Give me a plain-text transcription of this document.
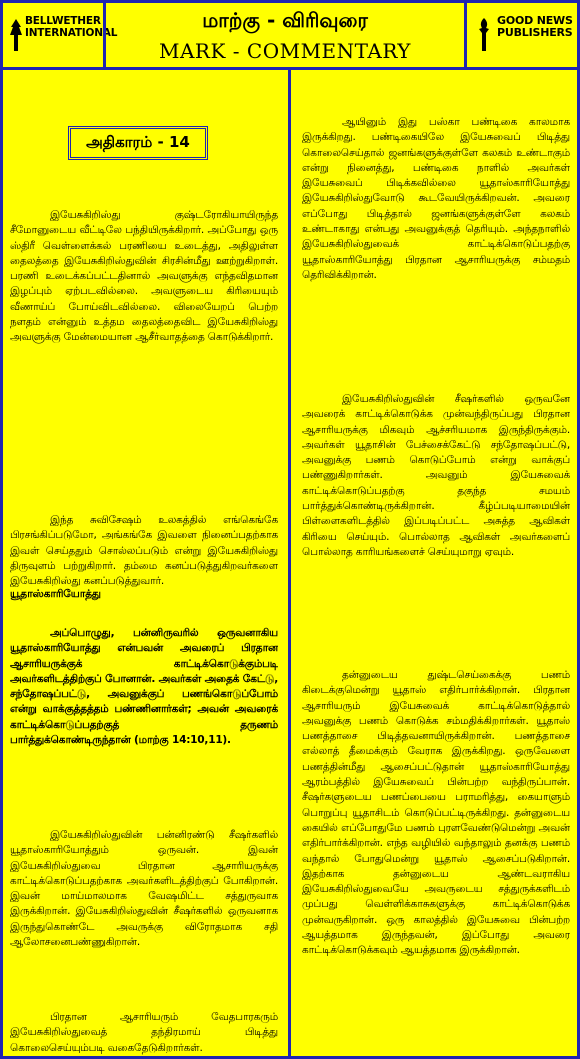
BELLWETHER
INTERNATIONAL
மாற்கு - விரிவுரை
MARK - COMMENTARY
GOOD NEWS
PUBLISHERS
அதிகாரம் - 14
இயேசுகிறிஸ்து குஷ்டரோகியாயிருந்த சீமோனுடைய வீட்டிலே பந்தியிருக்கிறார். அப்போது ஒரு ஸ்திரீ வெள்ளைக்கல் பரணியை உடைத்து, அதிலுள்ள தைலத்தை இயேசுகிறிஸ்துவின் சிரசின்மீது ஊற்றுகிறாள். பரணி உடைக்கப்பட்டதினால் அவளுக்கு எந்தவிதமான இழப்பும் ஏற்படவில்லை. அவளுடைய கிரியையும் வீணாய்ப் போய்விடவில்லை. விலையேறப் பெற்ற நளதம் என்னும் உத்தம தைலத்தைவிட இயேசுகிறிஸ்து அவளுக்கு மேன்மையான ஆசீர்வாதத்தை கொடுக்கிறார்.
இந்த சுவிசேஷம் உலகத்தில் எங்கெங்கே பிரசங்கிப்படுமோ, அங்கங்கே இவளை நினைப்பதற்காக இவள் செய்ததும் சொல்லப்படும் என்று இயேசுகிறிஸ்து திருவுளம் பற்றுகிறார். தம்மை கனப்படுத்துகிறவர்களை இயேசுகிறிஸ்து கனப்படுத்துவார்.
யூதாஸ்காரியோத்து
அப்பொழுது, பன்னிருவரில் ஒருவனாகிய யூதாஸ்காரியோத்து என்பவன் அவரைப் பிரதான ஆசாரியருக்குக் காட்டிக்கொடுக்கும்படி அவர்களிடத்திற்குப் போனான். அவர்கள் அதைக் கேட்டு, சந்தோஷப்பட்டு, அவனுக்குப் பணங்கொடுப்போம் என்று வாக்குத்தத்தம் பண்ணினார்கள்; அவன் அவரைக் காட்டிக்கொடுப்பதற்குத் தருணம் பார்த்துக்கொண்டிருந்தான் (மாற்கு 14:10,11).
இயேசுகிறிஸ்துவின் பன்னிரண்டு சீஷர்களில் யூதாஸ்காரியோத்தும் ஒருவன். இவன் இயேசுகிறிஸ்துவை பிரதான ஆசாரியருக்கு காட்டிக்கொடுப்பதற்காக அவர்களிடத்திற்குப் போகிறான். இவன் மாய்மாலமாக வேஷமிட்ட சத்துருவாக இருக்கிறான். இயேசுகிறிஸ்துவின் சீஷர்களில் ஒருவனாக இருந்துகொண்டே அவருக்கு விரோதமாக சதி ஆலோசனைபண்ணுகிறான்.
பிரதான ஆசாரியரும் வேதபாரகரும் இயேசுகிறிஸ்துவைத் தந்திரமாய் பிடித்து கொலைசெய்யும்படி வகைதேடுகிறார்கள்.
ஆயினும் இது பஸ்கா பண்டிகை காலமாக இருக்கிறது. பண்டிகையிலே இயேசுவைப் பிடித்து கொலைசெய்தால் ஜனங்களுக்குள்ளே கலகம் உண்டாகும் என்று நினைத்து, பண்டிகை நாளில் அவர்கள் இயேசுவைப் பிடிக்கவில்லை யூதாஸ்காரியோத்து இயேசுகிறிஸ்துவோடு கூடவேயிருக்கிறவன். அவரை எப்போது பிடித்தால் ஜனங்களுக்குள்ளே கலகம் உண்டாகாது என்பது அவனுக்குத் தெரியும். அந்தநாளில் இயேசுகிறிஸ்துவைக் காட்டிக்கொடுப்பதற்கு யூதாஸ்காரியோத்து பிரதான ஆசாரியருக்கு சம்மதம் தெரிவிக்கிறான்.
இயேசுகிறிஸ்துவின் சீஷர்களில் ஒருவனே அவரைக் காட்டிக்கொடுக்க முன்வந்திருப்பது பிரதான ஆசாரியருக்கு மிகவும் ஆச்சரியமாக இருந்திருக்கும். அவர்கள் யூதாசின் பேச்சைக்கேட்டு சந்தோஷப்பட்டு, அவனுக்கு பணம் கொடுப்போம் என்று வாக்குப் பண்ணுகிறார்கள். அவனும் இயேசுவைக் காட்டிக்கொடுப்பதற்கு தகுந்த சமயம் பார்த்துக்கொண்டிருக்கிறான். கீழ்ப்படியாமையின் பிள்ளைகளிடத்தில் இப்படிப்பட்ட அசுத்த ஆவிகள் கிரியை செய்யும். பொல்லாத ஆவிகள் அவர்களைப் பொல்லாத காரியங்களைச் செய்யுமாறு ஏவும்.
தன்னுடைய துஷ்டசெய்கைக்கு பணம் கிடைக்குமென்று யூதாஸ் எதிர்பார்க்கிறான். பிரதான ஆசாரியரும் இயேசுவைக் காட்டிக்கொடுத்தால் அவனுக்கு பணம் கொடுக்க சம்மதிக்கிறார்கள். யூதாஸ் பணத்தாசை பிடித்தவனாயிருக்கிறான். பணத்தாசை எல்லாத் தீமைக்கும் வேராக இருக்கிறது. ஒருவேளை பணத்தின்மீது ஆசைப்பட்டுதான் யூதாஸ்காரியோத்து ஆரம்பத்தில் இயேசுவைப் பின்பற்ற வந்திருப்பான். சீஷர்களுடைய பணப்பையை பராமரித்து, கையாளும் பொறுப்பு யூதாசிடம் கொடுப்பட்டிருக்கிறது. தன்னுடைய கையில் எப்போதுமே பணம் புரளவேண்டுமென்று அவன் எதிர்பார்க்கிறான். எந்த வழியில் வந்தாலும் தனக்கு பணம் வந்தால் போதுமென்று யூதாஸ் ஆசைப்படுகிறான். இதற்காக தன்னுடைய ஆண்டவராகிய இயேசுகிறிஸ்துவையே அவருடைய சத்துருக்களிடம் முப்பது வெள்ளிக்காசுகளுக்கு காட்டிக்கொடுக்க முன்வருகிறான். ஒரு காலத்தில் இயேசுவை பின்பற்ற ஆயத்தமாக இருந்தவன், இப்போது அவரை காட்டிக்கொடுக்கவும் ஆயத்தமாக இருக்கிறான்.
